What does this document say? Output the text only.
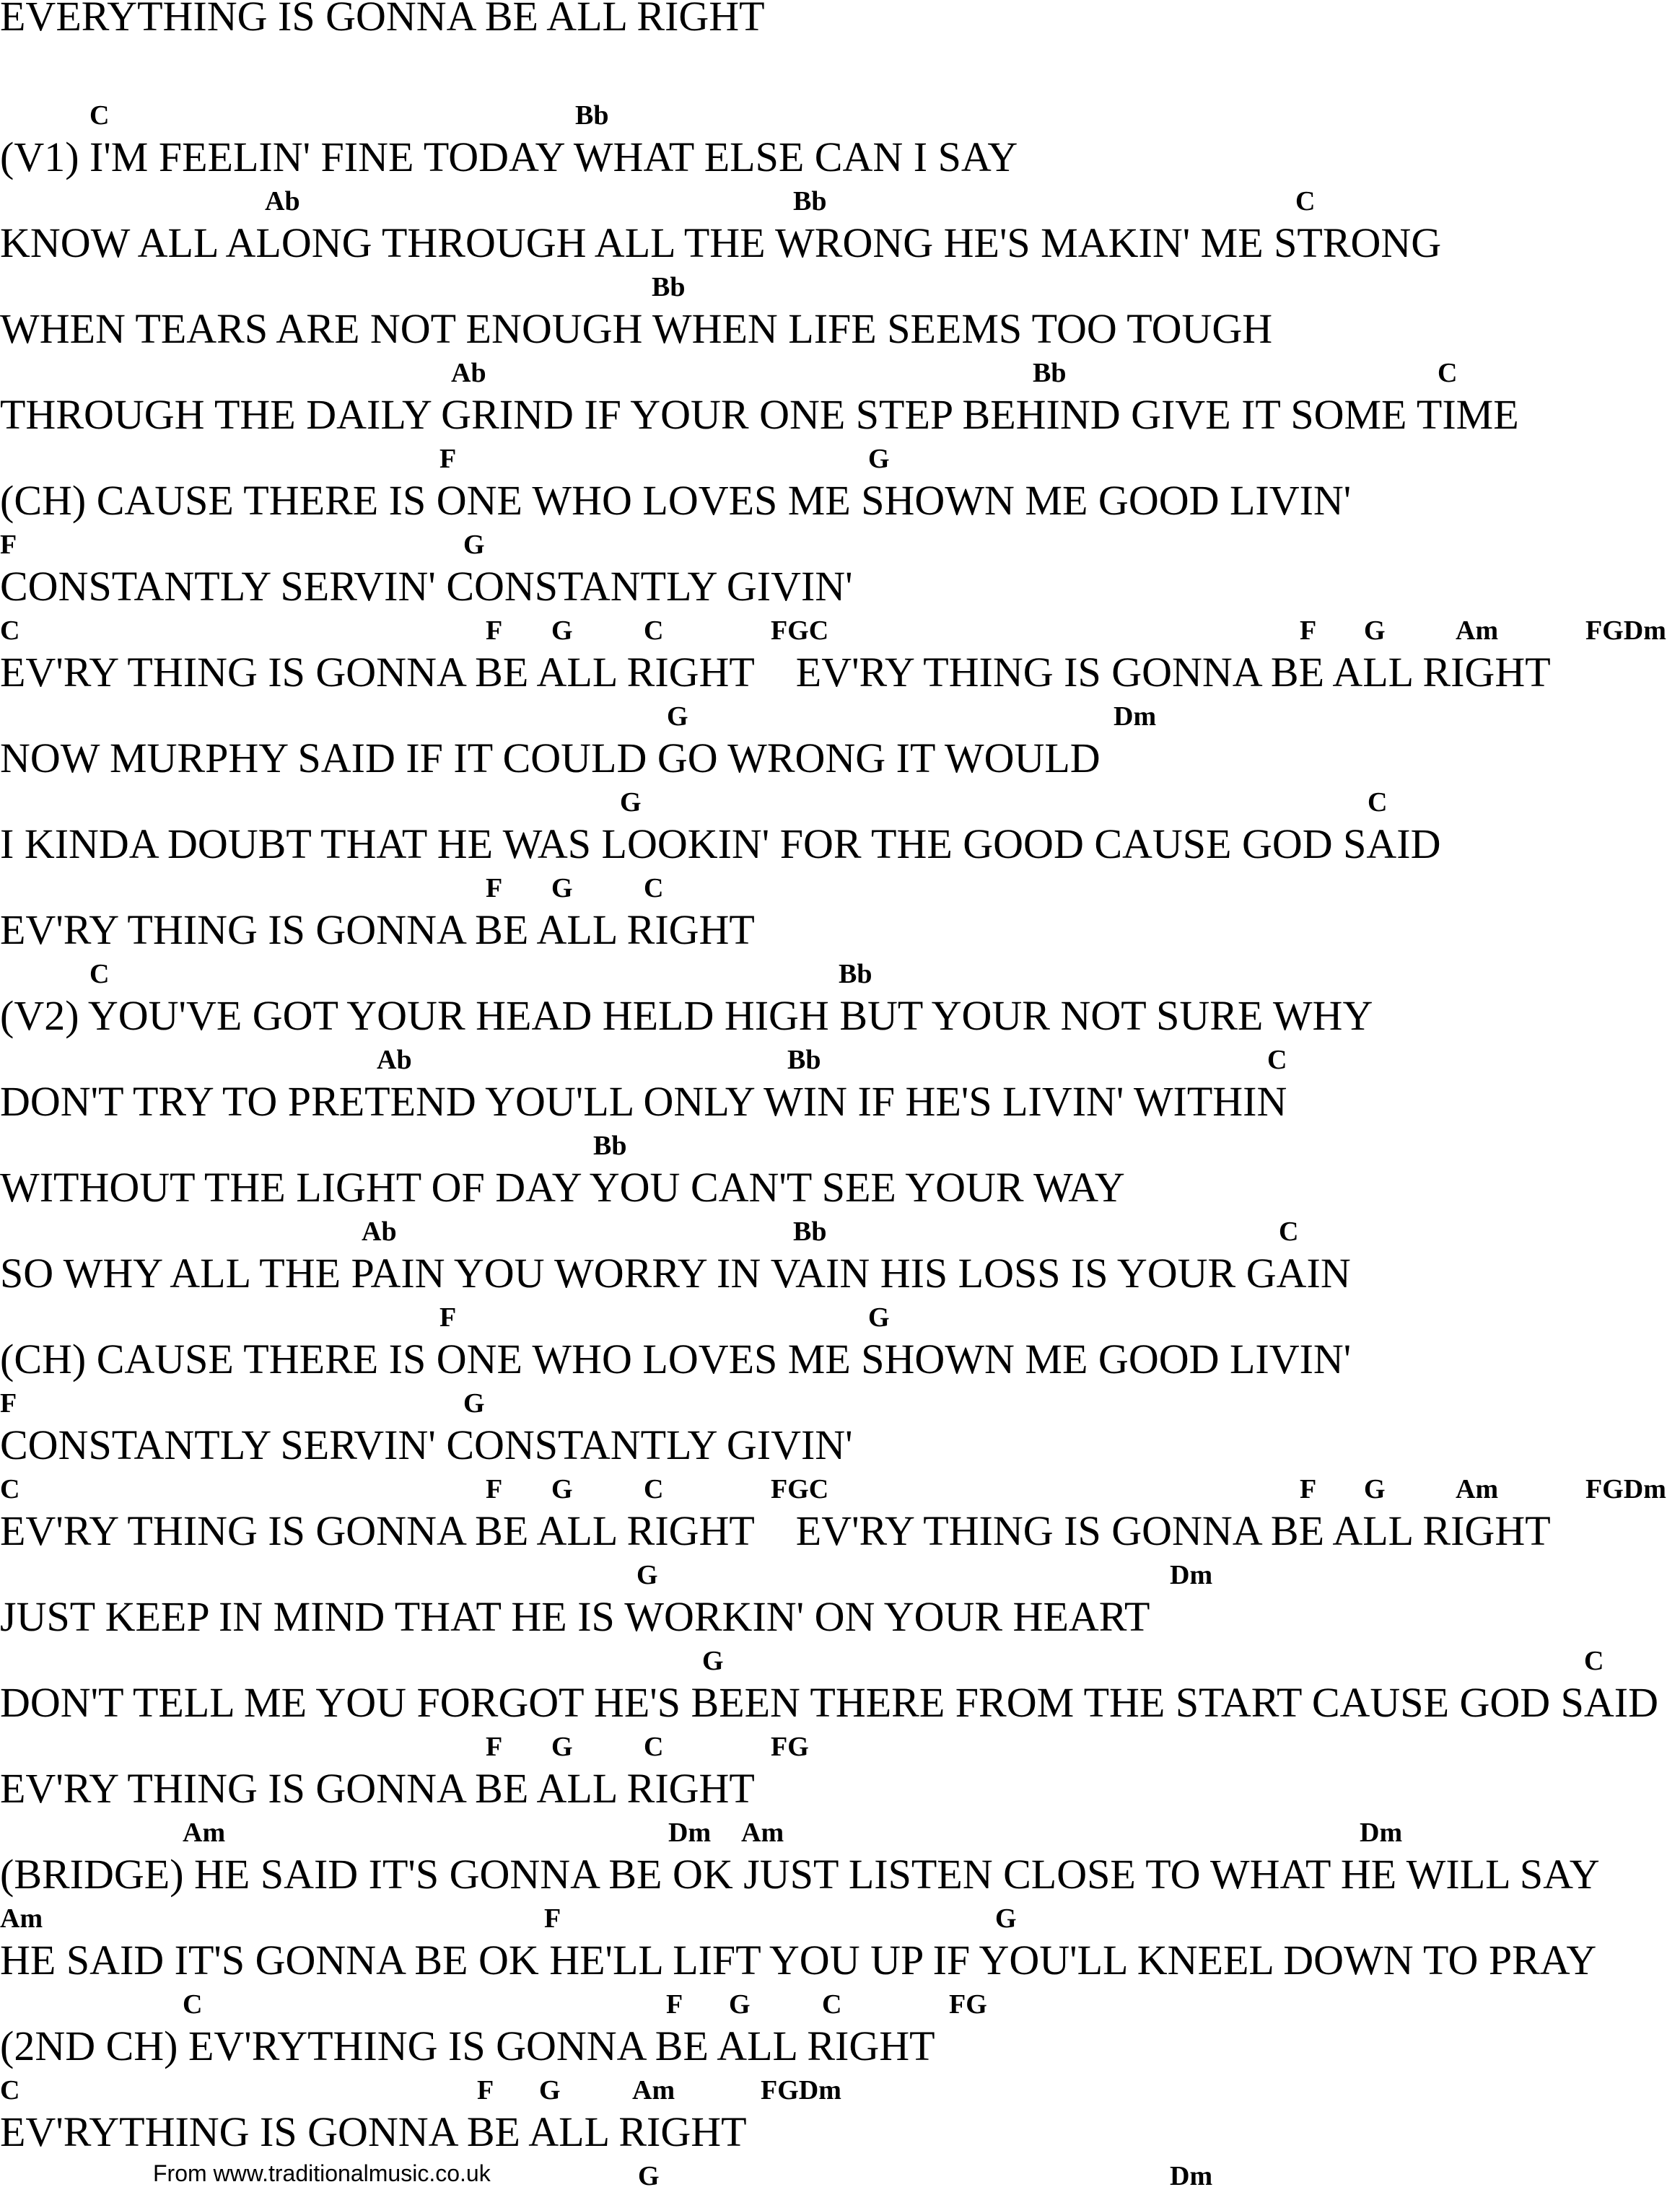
EVERYTHING IS GONNA BE ALL RIGHT
C	Bb
(V1) I'M FEELIN' FINE TODAY WHAT ELSE CAN I SAY
Ab	Bb	C
KNOW ALL ALONG THROUGH ALL THE WRONG HE'S MAKIN' ME STRONG
Bb
WHEN TEARS ARE NOT ENOUGH WHEN LIFE SEEMS TOO TOUGH
Ab	Bb	C
THROUGH THE DAILY GRIND IF YOUR ONE STEP BEHIND GIVE IT SOME TIME
F	G
(CH) CAUSE THERE IS ONE WHO LOVES ME SHOWN ME GOOD LIVIN'
F	G
CONSTANTLY SERVIN' CONSTANTLY GIVIN'
C	F G	C	FGC	F G	Am	FGDm
EV'RY THING IS GONNA BE ALL RIGHT    EV'RY THING IS GONNA BE ALL RIGHT
G	Dm
NOW MURPHY SAID IF IT COULD GO WRONG IT WOULD
G	C
I KINDA DOUBT THAT HE WAS LOOKIN' FOR THE GOOD CAUSE GOD SAID
F G	C
EV'RY THING IS GONNA BE ALL RIGHT
C	Bb
(V2) YOU'VE GOT YOUR HEAD HELD HIGH BUT YOUR NOT SURE WHY
Ab	Bb	C
DON'T TRY TO PRETEND YOU'LL ONLY WIN IF HE'S LIVIN' WITHIN
Bb
WITHOUT THE LIGHT OF DAY YOU CAN'T SEE YOUR WAY
Ab	Bb	C
SO WHY ALL THE PAIN YOU WORRY IN VAIN HIS LOSS IS YOUR GAIN
F	G
(CH) CAUSE THERE IS ONE WHO LOVES ME SHOWN ME GOOD LIVIN'
F	G
CONSTANTLY SERVIN' CONSTANTLY GIVIN'
C	F G	C	FGC	F G	Am	FGDm
EV'RY THING IS GONNA BE ALL RIGHT    EV'RY THING IS GONNA BE ALL RIGHT
G	Dm
JUST KEEP IN MIND THAT HE IS WORKIN' ON YOUR HEART
G	C
DON'T TELL ME YOU FORGOT HE'S BEEN THERE FROM THE START CAUSE GOD SAID
F G	C	FG
EV'RY THING IS GONNA BE ALL RIGHT
Am	Dm Am	Dm
(BRIDGE) HE SAID IT'S GONNA BE OK JUST LISTEN CLOSE TO WHAT HE WILL SAY
Am	F	G
HE SAID IT'S GONNA BE OK HE'LL LIFT YOU UP IF YOU'LL KNEEL DOWN TO PRAY
C	F G	C	FG
(2ND CH) EV'RYTHING IS GONNA BE ALL RIGHT
C	F G	Am	FGDm
EV'RYTHING IS GONNA BE ALL RIGHT
G	Dm
From www.traditionalmusic.co.uk
